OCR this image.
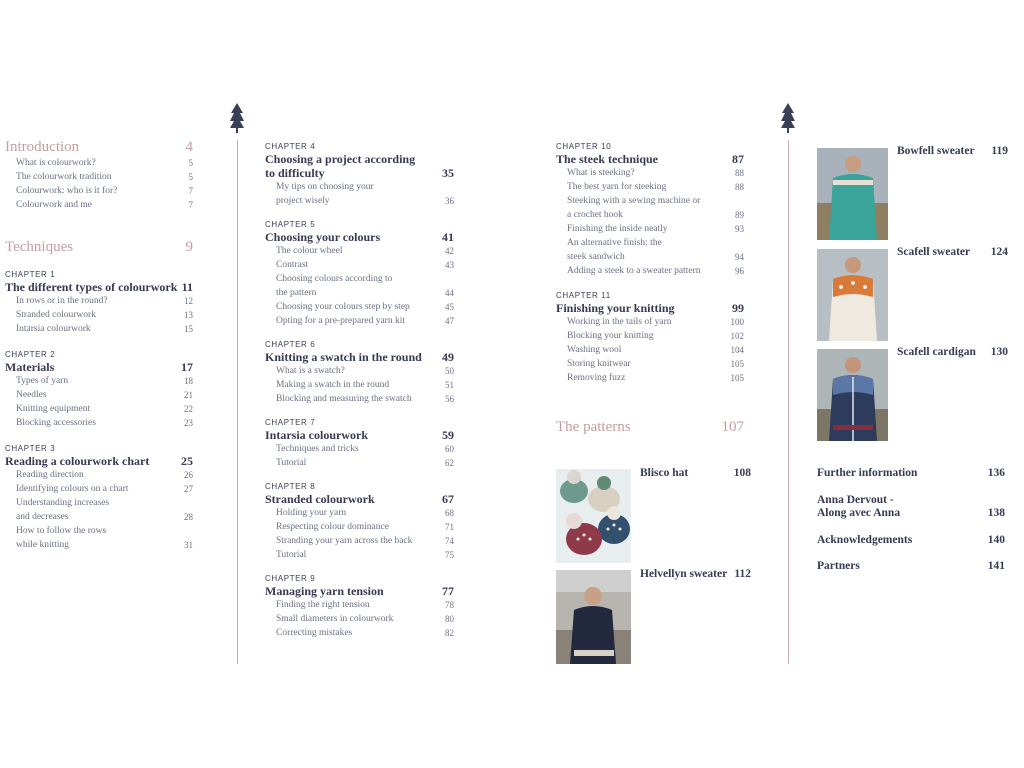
Introduction	4
What is colourwork?	5
The colourwork tradition	5
Colourwork: who is it for?	7
Colourwork and me	7
Techniques	9
CHAPTER 1
The different types of colourwork 11
In rows or in the round?	12
Stranded colourwork	13
Intarsia colourwork	15
CHAPTER 2
Materials	17
Types of yarn	18
Needles	21
Knitting equipment	22
Blocking accessories	23
CHAPTER 3
Reading a colourwork chart	25
Reading direction	26
Identifying colours on a chart	27
Understanding increases
and decreases	28
How to follow the rows
while knitting	31
CHAPTER 4
Choosing a project according
to difficulty	35
My tips on choosing your
project wisely	36
CHAPTER 5
Choosing your colours	41
The colour wheel	42
Contrast	43
Choosing colours according to
the pattern	44
Choosing your colours step by step	45
Opting for a pre-prepared yarn kit	47
CHAPTER 6
Knitting a swatch in the round 49
What is a swatch?	50
Making a swatch in the round	51
Blocking and measuring the swatch	56
CHAPTER 7
Intarsia colourwork	59
Techniques and tricks	60
Tutorial	62
CHAPTER 8
Stranded colourwork	67
Holding your yarn	68
Respecting colour dominance	71
Stranding your yarn across the back	74
Tutorial	75
CHAPTER 9
Managing yarn tension	77
Finding the right tension	78
Small diameters in colourwork	80
Correcting mistakes	82
CHAPTER 10
The steek technique	87
What is steeking?	88
The best yarn for steeking	88
Steeking with a sewing machine or
a crochet hook	89
Finishing the inside neatly	93
An alternative finish: the
steek sandwich	94
Adding a steek to a sweater pattern	96
CHAPTER 11
Finishing your knitting	99
Working in the tails of yarn	100
Blocking your knitting	102
Washing wool	104
Storing knitwear	105
Removing fuzz	105
The patterns	107
Blisco hat	108
Helvellyn sweater 112
Bowfell sweater 119
Scafell sweater 124
Scafell cardigan 130
Further information	136
Anna Dervout -
Along avec Anna	138
Acknowledgements	140
Partners	141
